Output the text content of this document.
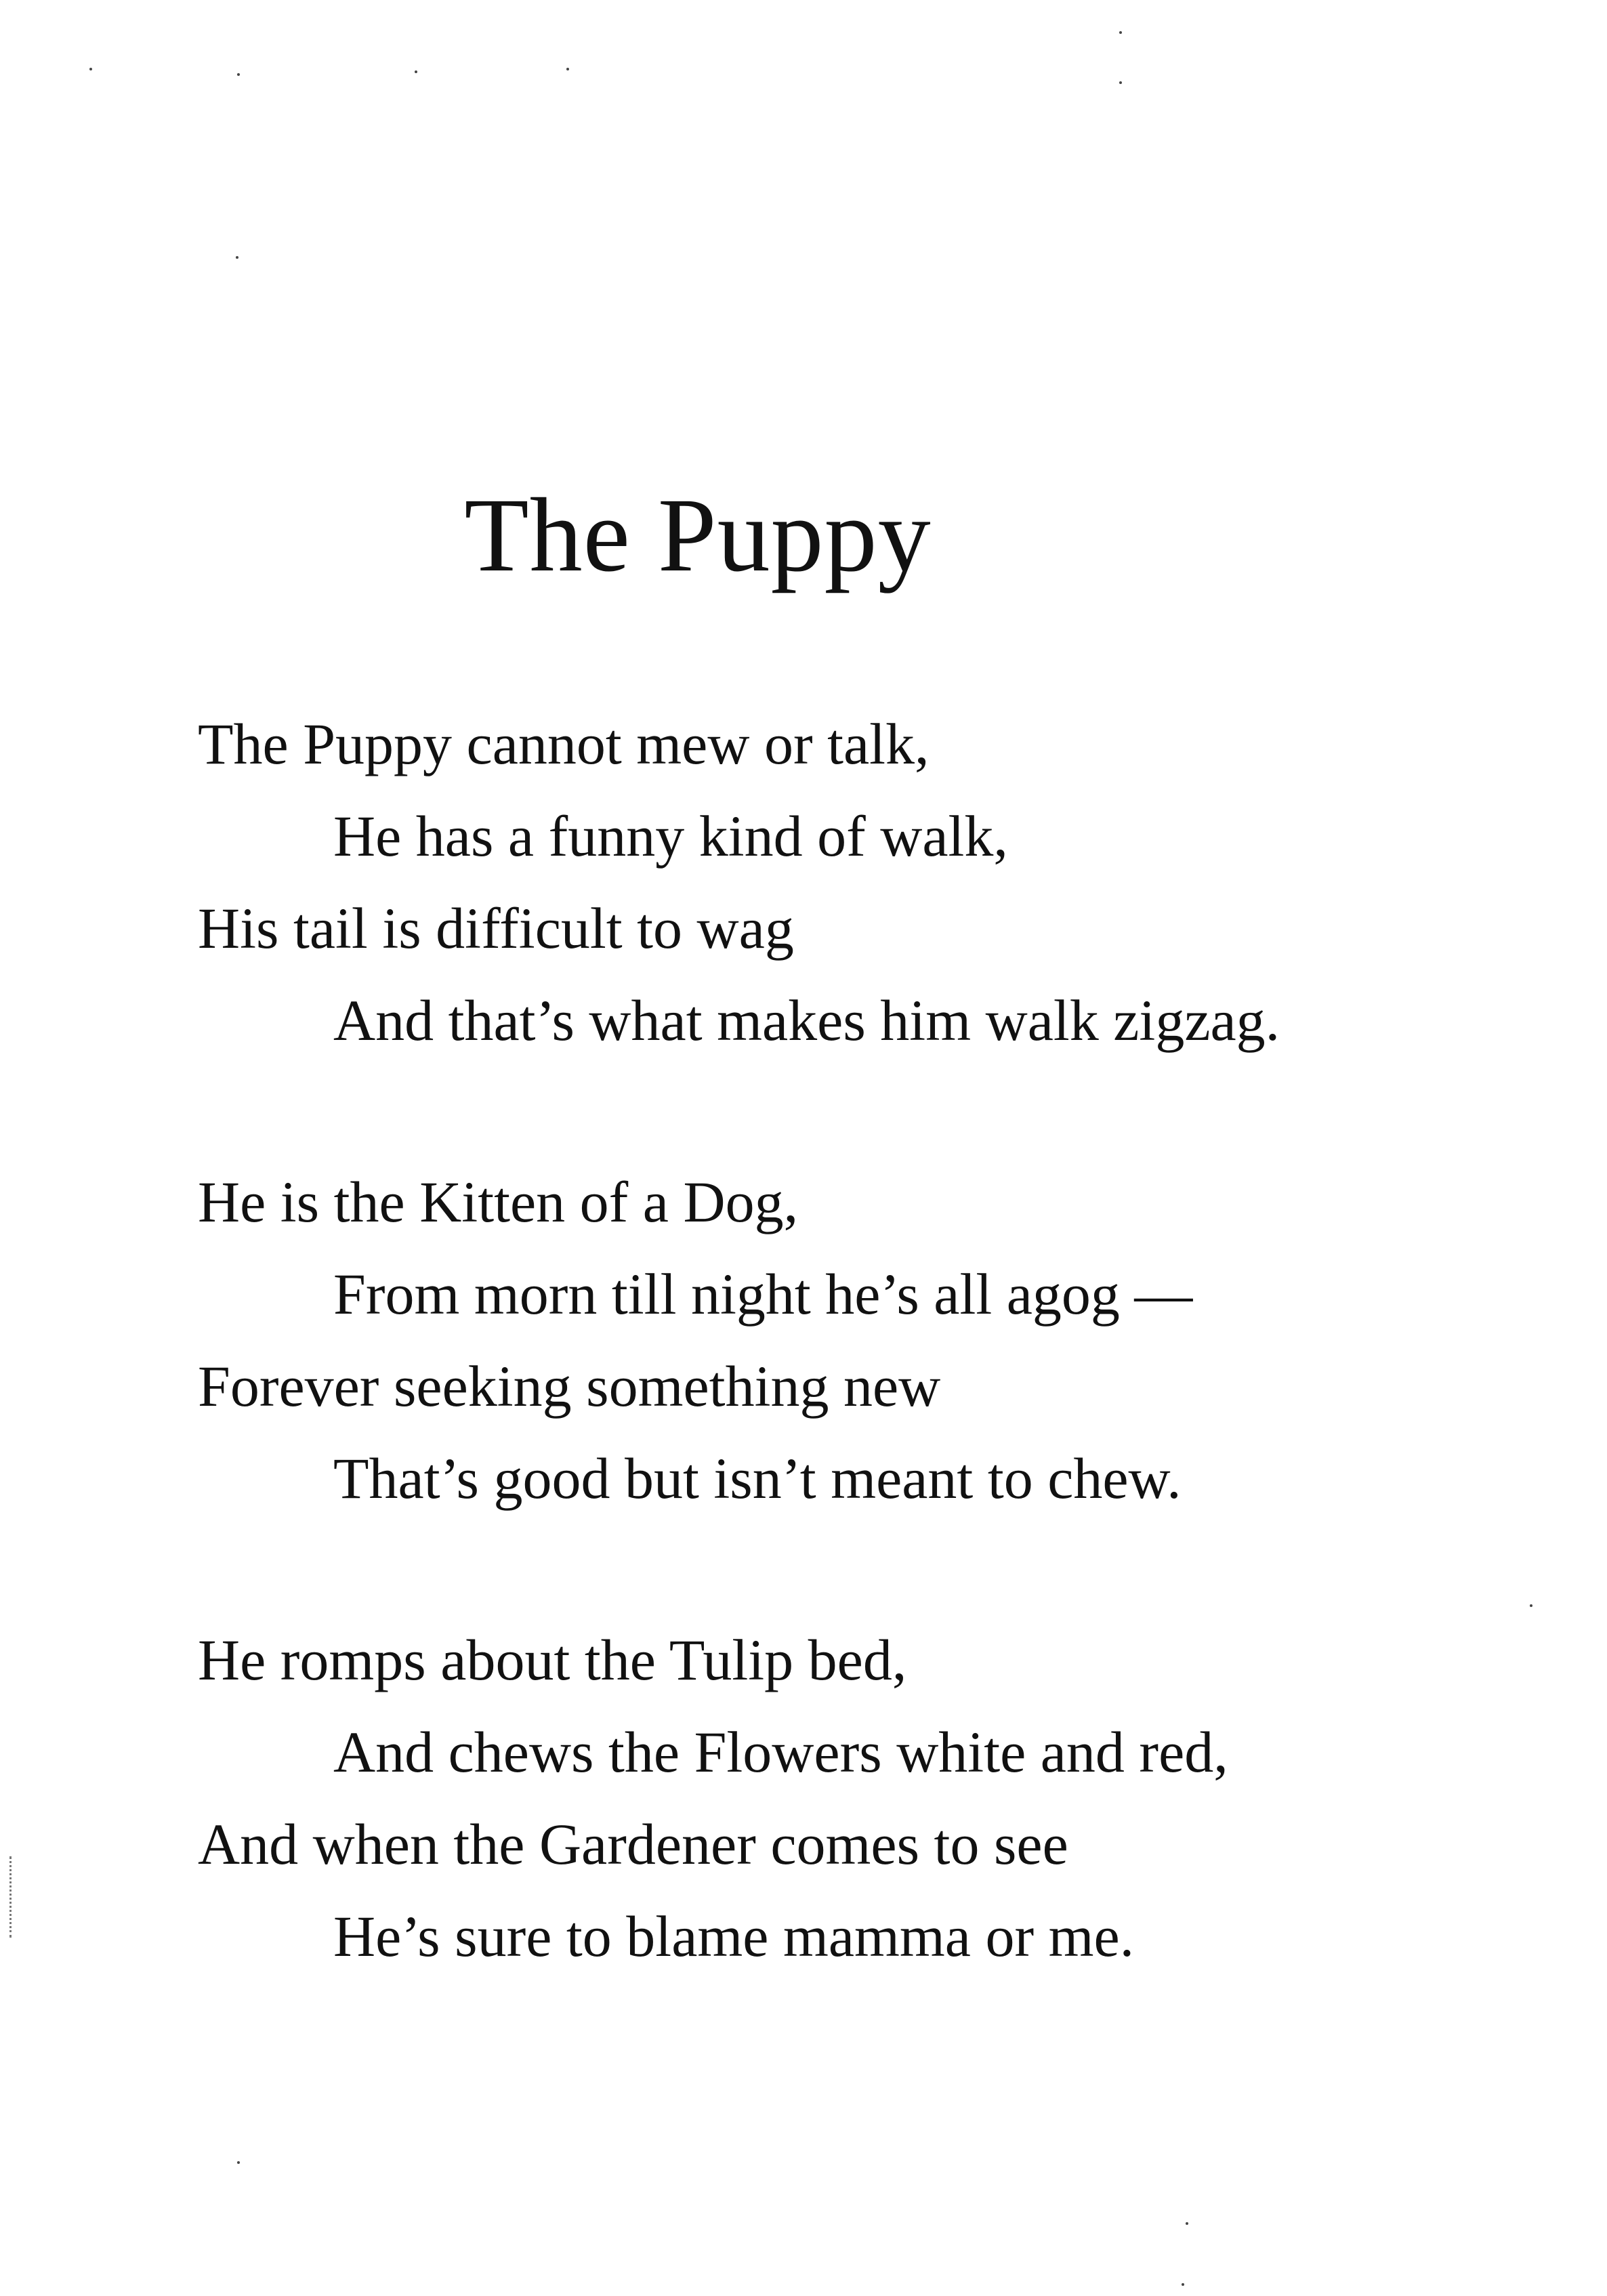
The Puppy
The Puppy cannot mew or talk,
He has a funny kind of walk,
His tail is difficult to wag
And that’s what makes him walk zigzag.
He is the Kitten of a Dog,
From morn till night he’s all agog —
Forever seeking something new
That’s good but isn’t meant to chew.
He romps about the Tulip bed,
And chews the Flowers white and red,
And when the Gardener comes to see
He’s sure to blame mamma or me.
